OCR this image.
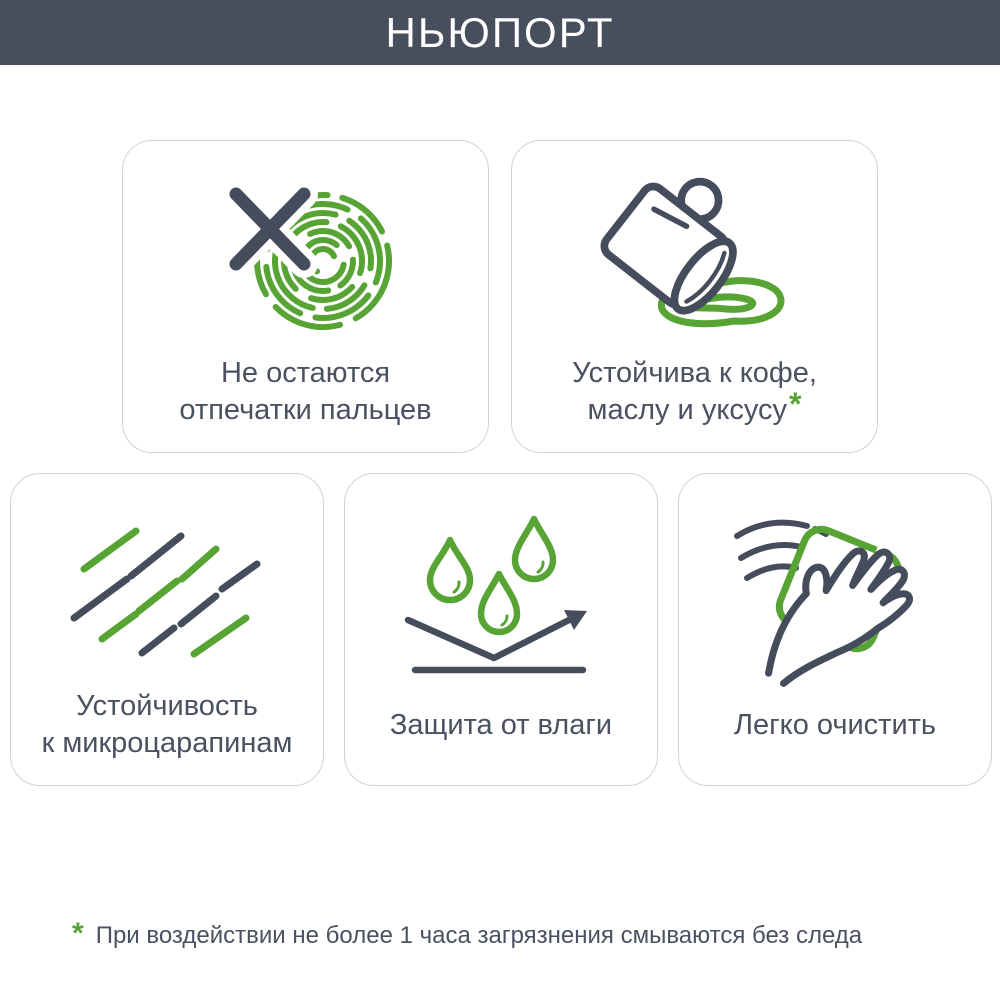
НЬЮПОРТ
Не остаются
отпечатки пальцев
Устойчива к кофе,
маслу и уксусу*
Устойчивость
к микроцарапинам
Защита от влаги	Легко очистить
* При воздействии не более 1 часа загрязнения смываются без следа
